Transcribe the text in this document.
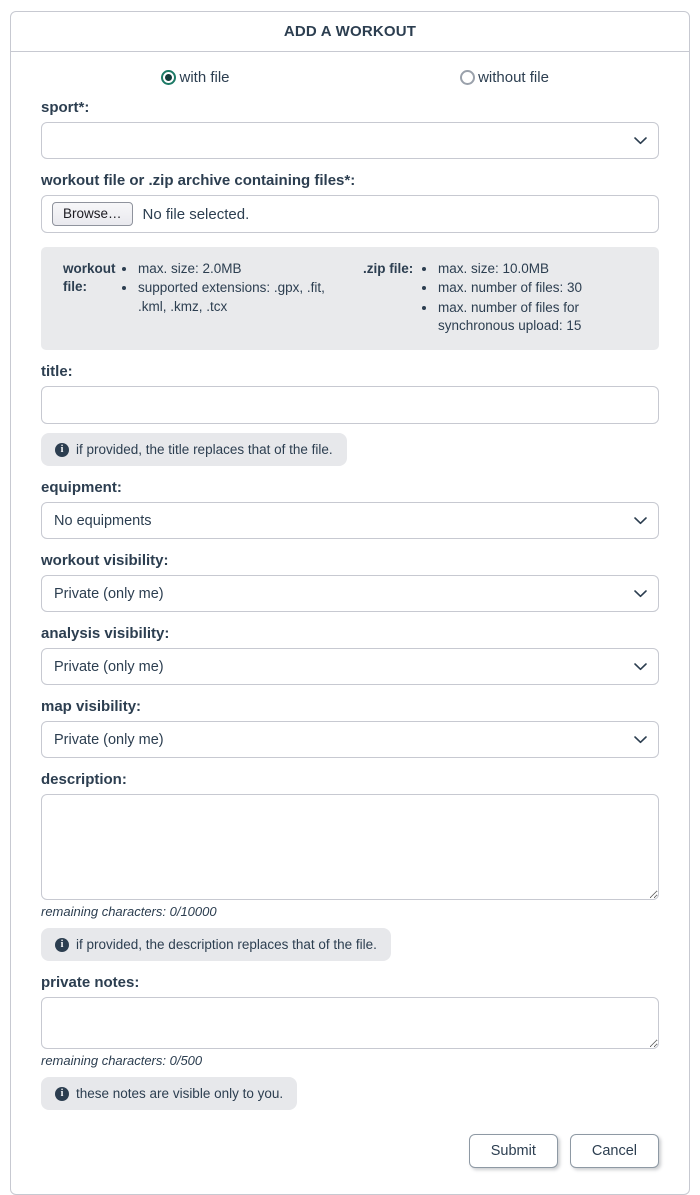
ADD A WORKOUT
with file	without file
sport*:
workout file or .zip archive containing files*:
Browse…	No file selected.
workout file:
• max. size: 2.0MB
• supported extensions: .gpx, .fit, .kml, .kmz, .tcx
.zip file: • max. size: 10.0MB
• max. number of files: 30
• max. number of files for synchronous upload: 15
title:
i if provided, the title replaces that of the file.
equipment:
No equipments
workout visibility:
Private (only me)
analysis visibility:
Private (only me)
map visibility:
Private (only me)
description:
remaining characters: 0/10000
i if provided, the description replaces that of the file.
private notes:
remaining characters: 0/500
i these notes are visible only to you.
Submit	Cancel
